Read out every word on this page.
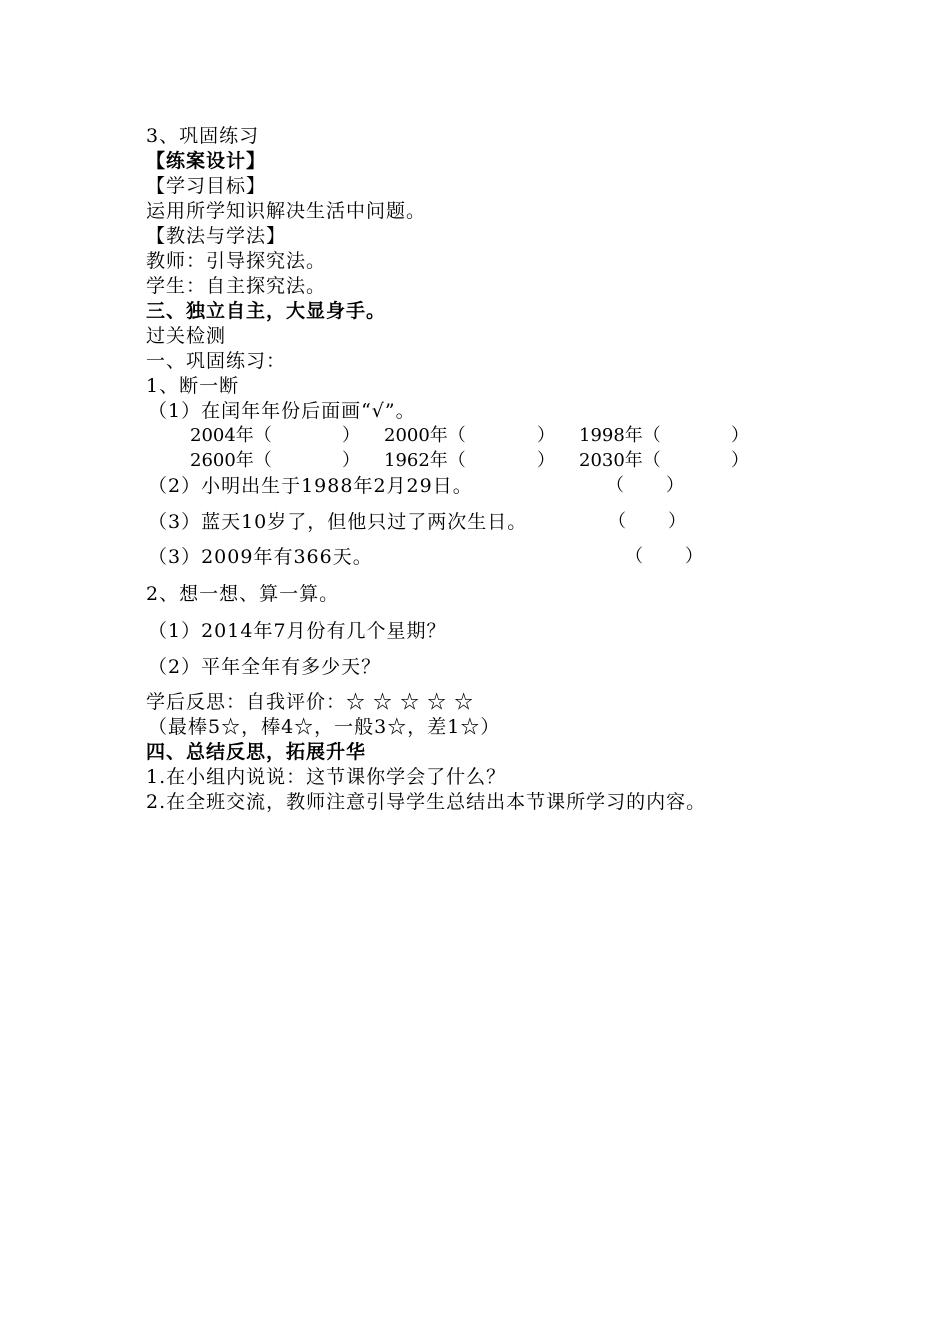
3、巩固练习
【练案设计】
【学习目标】
运用所学知识解决生活中问题。
【教法与学法】
教师：引导探究法。
学生：自主探究法。
三、独立自主，大显身手。
过关检测
一、巩固练习：
1、断一断
（1）在闰年年份后面画“√”。
2004年（	） 2000年（	） 1998年（	）
2600年（	） 1962年（	） 2030年（	）
（2）小明出生于1988年2月29日。	（ ）
（3）蓝天10岁了，但他只过了两次生日。	（ ）
（3）2009年有366天。	（ ）
2、想一想、算一算。
（1）2014年7月份有几个星期？
（2）平年全年有多少天？
学后反思：自我评价：☆ ☆ ☆ ☆ ☆
（最棒5☆，棒4☆，一般3☆，差1☆）
四、总结反思，拓展升华
1.在小组内说说：这节课你学会了什么？
2.在全班交流，教师注意引导学生总结出本节课所学习的内容。
